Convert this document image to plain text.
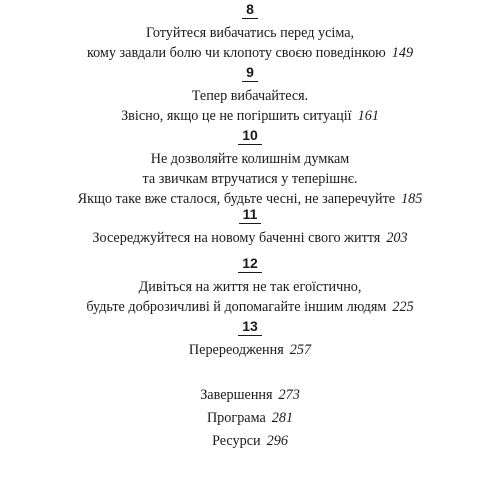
8
Готуйтеся вибачатись перед усіма,
кому завдали болю чи клопоту своєю поведінкою 149
9
Тепер вибачайтеся.
Звісно, якщо це не погіршить ситуації 161
10
Не дозволяйте колишнім думкам
та звичкам втручатися у теперішнє.
Якщо таке вже сталося, будьте чесні, не заперечуйте 185
11
Зосереджуйтеся на новому баченні свого життя 203
12
Дивіться на життя не так егоїстично,
будьте доброзичливі й допомагайте іншим людям 225
13
Перереодження 257
Завершення 273
Програма 281
Ресурси 296
